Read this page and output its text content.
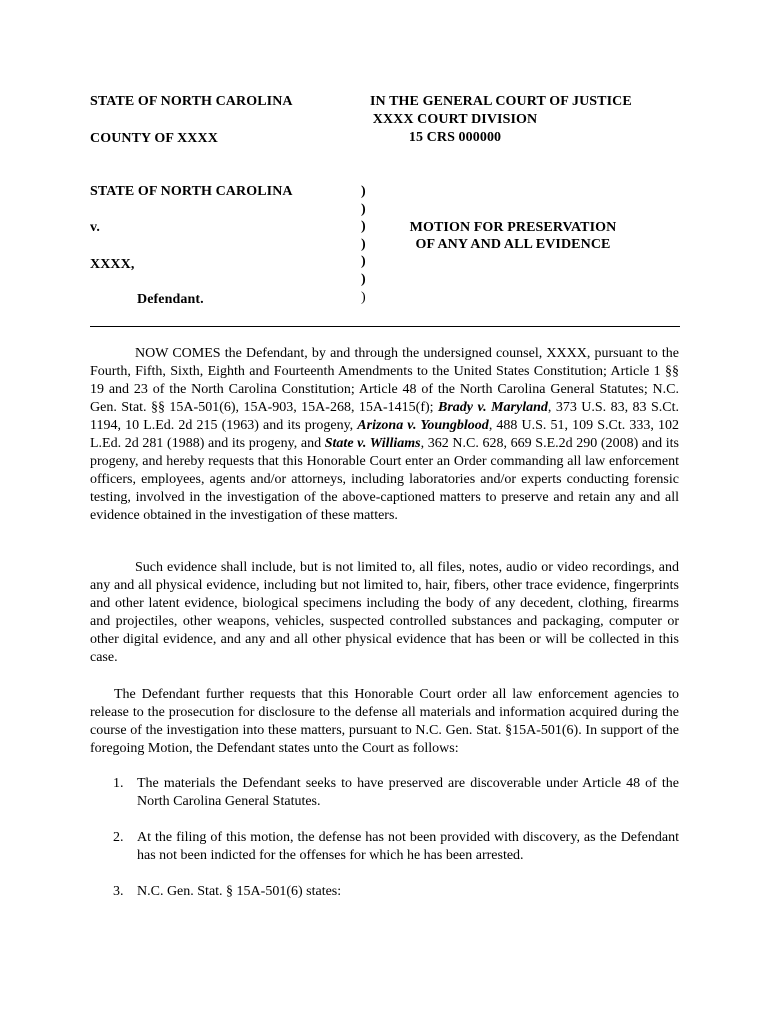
STATE OF NORTH CAROLINA
COUNTY OF XXXX
IN THE GENERAL COURT OF JUSTICE
XXXX COURT DIVISION
15 CRS 000000
STATE OF NORTH CAROLINA
v.
XXXX,
Defendant.
)
)
)
)
)
)
)
MOTION FOR PRESERVATION
OF ANY AND ALL EVIDENCE
NOW COMES the Defendant, by and through the undersigned counsel, XXXX, pursuant to the Fourth, Fifth, Sixth, Eighth and Fourteenth Amendments to the United States Constitution; Article 1 §§ 19 and 23 of the North Carolina Constitution; Article 48 of the North Carolina General Statutes; N.C. Gen. Stat. §§ 15A-501(6), 15A-903, 15A-268, 15A-1415(f); Brady v. Maryland, 373 U.S. 83, 83 S.Ct. 1194, 10 L.Ed. 2d 215 (1963) and its progeny, Arizona v. Youngblood, 488 U.S. 51, 109 S.Ct. 333, 102 L.Ed. 2d 281 (1988) and its progeny, and State v. Williams, 362 N.C. 628, 669 S.E.2d 290 (2008) and its progeny, and hereby requests that this Honorable Court enter an Order commanding all law enforcement officers, employees, agents and/or attorneys, including laboratories and/or experts conducting forensic testing, involved in the investigation of the above-captioned matters to preserve and retain any and all evidence obtained in the investigation of these matters.
Such evidence shall include, but is not limited to, all files, notes, audio or video recordings, and any and all physical evidence, including but not limited to, hair, fibers, other trace evidence, fingerprints and other latent evidence, biological specimens including the body of any decedent, clothing, firearms and projectiles, other weapons, vehicles, suspected controlled substances and packaging, computer or other digital evidence, and any and all other physical evidence that has been or will be collected in this case.
The Defendant further requests that this Honorable Court order all law enforcement agencies to release to the prosecution for disclosure to the defense all materials and information acquired during the course of the investigation into these matters, pursuant to N.C. Gen. Stat. §15A-501(6). In support of the foregoing Motion, the Defendant states unto the Court as follows:
1. The materials the Defendant seeks to have preserved are discoverable under Article 48 of the North Carolina General Statutes.
2. At the filing of this motion, the defense has not been provided with discovery, as the Defendant has not been indicted for the offenses for which he has been arrested.
3. N.C. Gen. Stat. § 15A-501(6) states:
